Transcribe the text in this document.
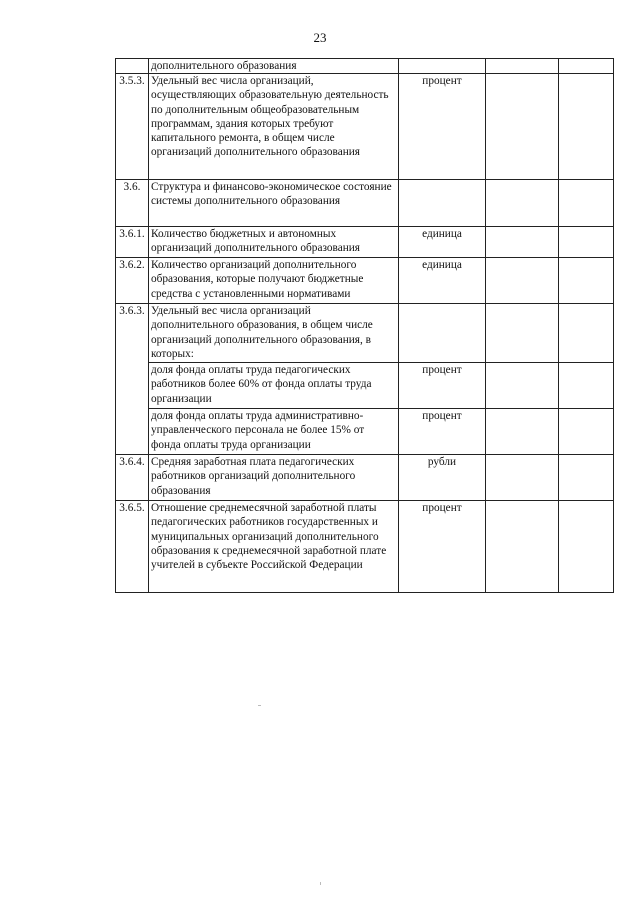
23
	дополнительного образования			
3.5.3.	Удельный вес числа организаций, осуществляющих образовательную деятельность по дополнительным общеобразовательным программам, здания которых требуют капитального ремонта, в общем числе организаций дополнительного образования	процент		
3.6.	Структура и финансово-экономическое состояние системы дополнительного образования			
3.6.1.	Количество бюджетных и автономных организаций дополнительного образования	единица		
3.6.2.	Количество организаций дополнительного образования, которые получают бюджетные средства с установленными нормативами	единица		
3.6.3.	Удельный вес числа организаций дополнительного образования, в общем числе организаций дополнительного образования, в которых:			
	доля фонда оплаты труда педагогических работников более 60% от фонда оплаты труда организации	процент		
	доля фонда оплаты труда административно-управленческого персонала не более 15% от фонда оплаты труда организации	процент		
3.6.4.	Средняя заработная плата педагогических работников организаций дополнительного образования	рубли		
3.6.5.	Отношение среднемесячной заработной платы педагогических работников государственных и муниципальных организаций дополнительного образования к среднемесячной заработной плате учителей в субъекте Российской Федерации	процент		
